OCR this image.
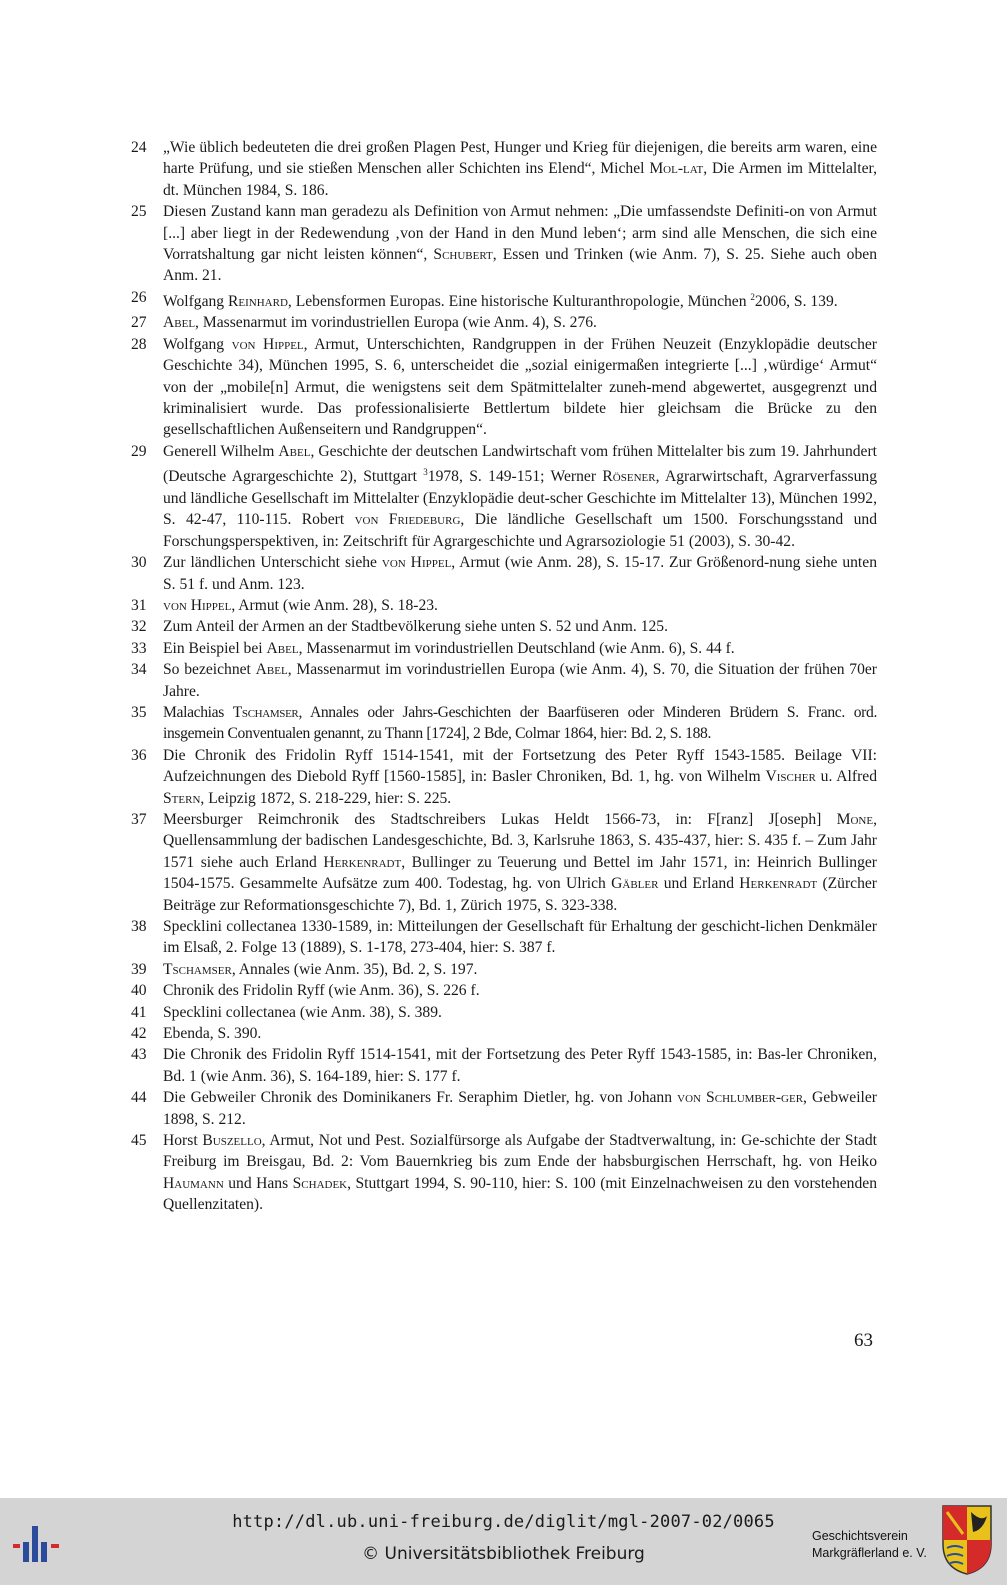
24	„Wie üblich bedeuteten die drei großen Plagen Pest, Hunger und Krieg für diejenigen, die bereits arm waren, eine harte Prüfung, und sie stießen Menschen aller Schichten ins Elend“, Michel Mol-lat, Die Armen im Mittelalter, dt. München 1984, S. 186.
25	Diesen Zustand kann man geradezu als Definition von Armut nehmen: „Die umfassendste Definiti-on von Armut [...] aber liegt in der Redewendung ‚von der Hand in den Mund leben‘; arm sind alle Menschen, die sich eine Vorratshaltung gar nicht leisten können“, Schubert, Essen und Trinken (wie Anm. 7), S. 25. Siehe auch oben Anm. 21.
26	Wolfgang Reinhard, Lebensformen Europas. Eine historische Kulturanthropologie, München $^2$2006, S. 139.
27	Abel, Massenarmut im vorindustriellen Europa (wie Anm. 4), S. 276.
28	Wolfgang von Hippel, Armut, Unterschichten, Randgruppen in der Frühen Neuzeit (Enzyklopädie deutscher Geschichte 34), München 1995, S. 6, unterscheidet die „sozial einigermaßen integrierte [...] ‚würdige‘ Armut“ von der „mobile[n] Armut, die wenigstens seit dem Spätmittelalter zuneh-mend abgewertet, ausgegrenzt und kriminalisiert wurde. Das professionalisierte Bettlertum bildete hier gleichsam die Brücke zu den gesellschaftlichen Außenseitern und Randgruppen“.
29	Generell Wilhelm Abel, Geschichte der deutschen Landwirtschaft vom frühen Mittelalter bis zum 19. Jahrhundert (Deutsche Agrargeschichte 2), Stuttgart $^3$1978, S. 149-151; Werner Rösener, Agrarwirtschaft, Agrarverfassung und ländliche Gesellschaft im Mittelalter (Enzyklopädie deut-scher Geschichte im Mittelalter 13), München 1992, S. 42-47, 110-115. Robert von Friedeburg, Die ländliche Gesellschaft um 1500. Forschungsstand und Forschungsperspektiven, in: Zeitschrift für Agrargeschichte und Agrarsoziologie 51 (2003), S. 30-42.
30	Zur ländlichen Unterschicht siehe von Hippel, Armut (wie Anm. 28), S. 15-17. Zur Größenord-nung siehe unten S. 51 f. und Anm. 123.
31	von Hippel, Armut (wie Anm. 28), S. 18-23.
32	Zum Anteil der Armen an der Stadtbevölkerung siehe unten S. 52 und Anm. 125.
33	Ein Beispiel bei Abel, Massenarmut im vorindustriellen Deutschland (wie Anm. 6), S. 44 f.
34	So bezeichnet Abel, Massenarmut im vorindustriellen Europa (wie Anm. 4), S. 70, die Situation der frühen 70er Jahre.
35	Malachias Tschamser, Annales oder Jahrs-Geschichten der Baarfüseren oder Minderen Brüdern S. Franc. ord. insgemein Conventualen genannt, zu Thann [1724], 2 Bde, Colmar 1864, hier: Bd. 2, S. 188.
36	Die Chronik des Fridolin Ryff 1514-1541, mit der Fortsetzung des Peter Ryff 1543-1585. Beilage VII: Aufzeichnungen des Diebold Ryff [1560-1585], in: Basler Chroniken, Bd. 1, hg. von Wilhelm Vischer u. Alfred Stern, Leipzig 1872, S. 218-229, hier: S. 225.
37	Meersburger Reimchronik des Stadtschreibers Lukas Heldt 1566-73, in: F[ranz] J[oseph] Mone, Quellensammlung der badischen Landesgeschichte, Bd. 3, Karlsruhe 1863, S. 435-437, hier: S. 435 f. – Zum Jahr 1571 siehe auch Erland Herkenradt, Bullinger zu Teuerung und Bettel im Jahr 1571, in: Heinrich Bullinger 1504-1575. Gesammelte Aufsätze zum 400. Todestag, hg. von Ulrich Gäbler und Erland Herkenradt (Zürcher Beiträge zur Reformationsgeschichte 7), Bd. 1, Zürich 1975, S. 323-338.
38	Specklini collectanea 1330-1589, in: Mitteilungen der Gesellschaft für Erhaltung der geschicht-lichen Denkmäler im Elsaß, 2. Folge 13 (1889), S. 1-178, 273-404, hier: S. 387 f.
39	Tschamser, Annales (wie Anm. 35), Bd. 2, S. 197.
40	Chronik des Fridolin Ryff (wie Anm. 36), S. 226 f.
41	Specklini collectanea (wie Anm. 38), S. 389.
42	Ebenda, S. 390.
43	Die Chronik des Fridolin Ryff 1514-1541, mit der Fortsetzung des Peter Ryff 1543-1585, in: Bas-ler Chroniken, Bd. 1 (wie Anm. 36), S. 164-189, hier: S. 177 f.
44	Die Gebweiler Chronik des Dominikaners Fr. Seraphim Dietler, hg. von Johann von Schlumber-ger, Gebweiler 1898, S. 212.
45	Horst Buszello, Armut, Not und Pest. Sozialfürsorge als Aufgabe der Stadtverwaltung, in: Ge-schichte der Stadt Freiburg im Breisgau, Bd. 2: Vom Bauernkrieg bis zum Ende der habsburgischen Herrschaft, hg. von Heiko Haumann und Hans Schadek, Stuttgart 1994, S. 90-110, hier: S. 100 (mit Einzelnachweisen zu den vorstehenden Quellenzitaten).
63
http://dl.ub.uni-freiburg.de/diglit/mgl-2007-02/0065
© Universitätsbibliothek Freiburg
Geschichtsverein
Markgräflerland e. V.
